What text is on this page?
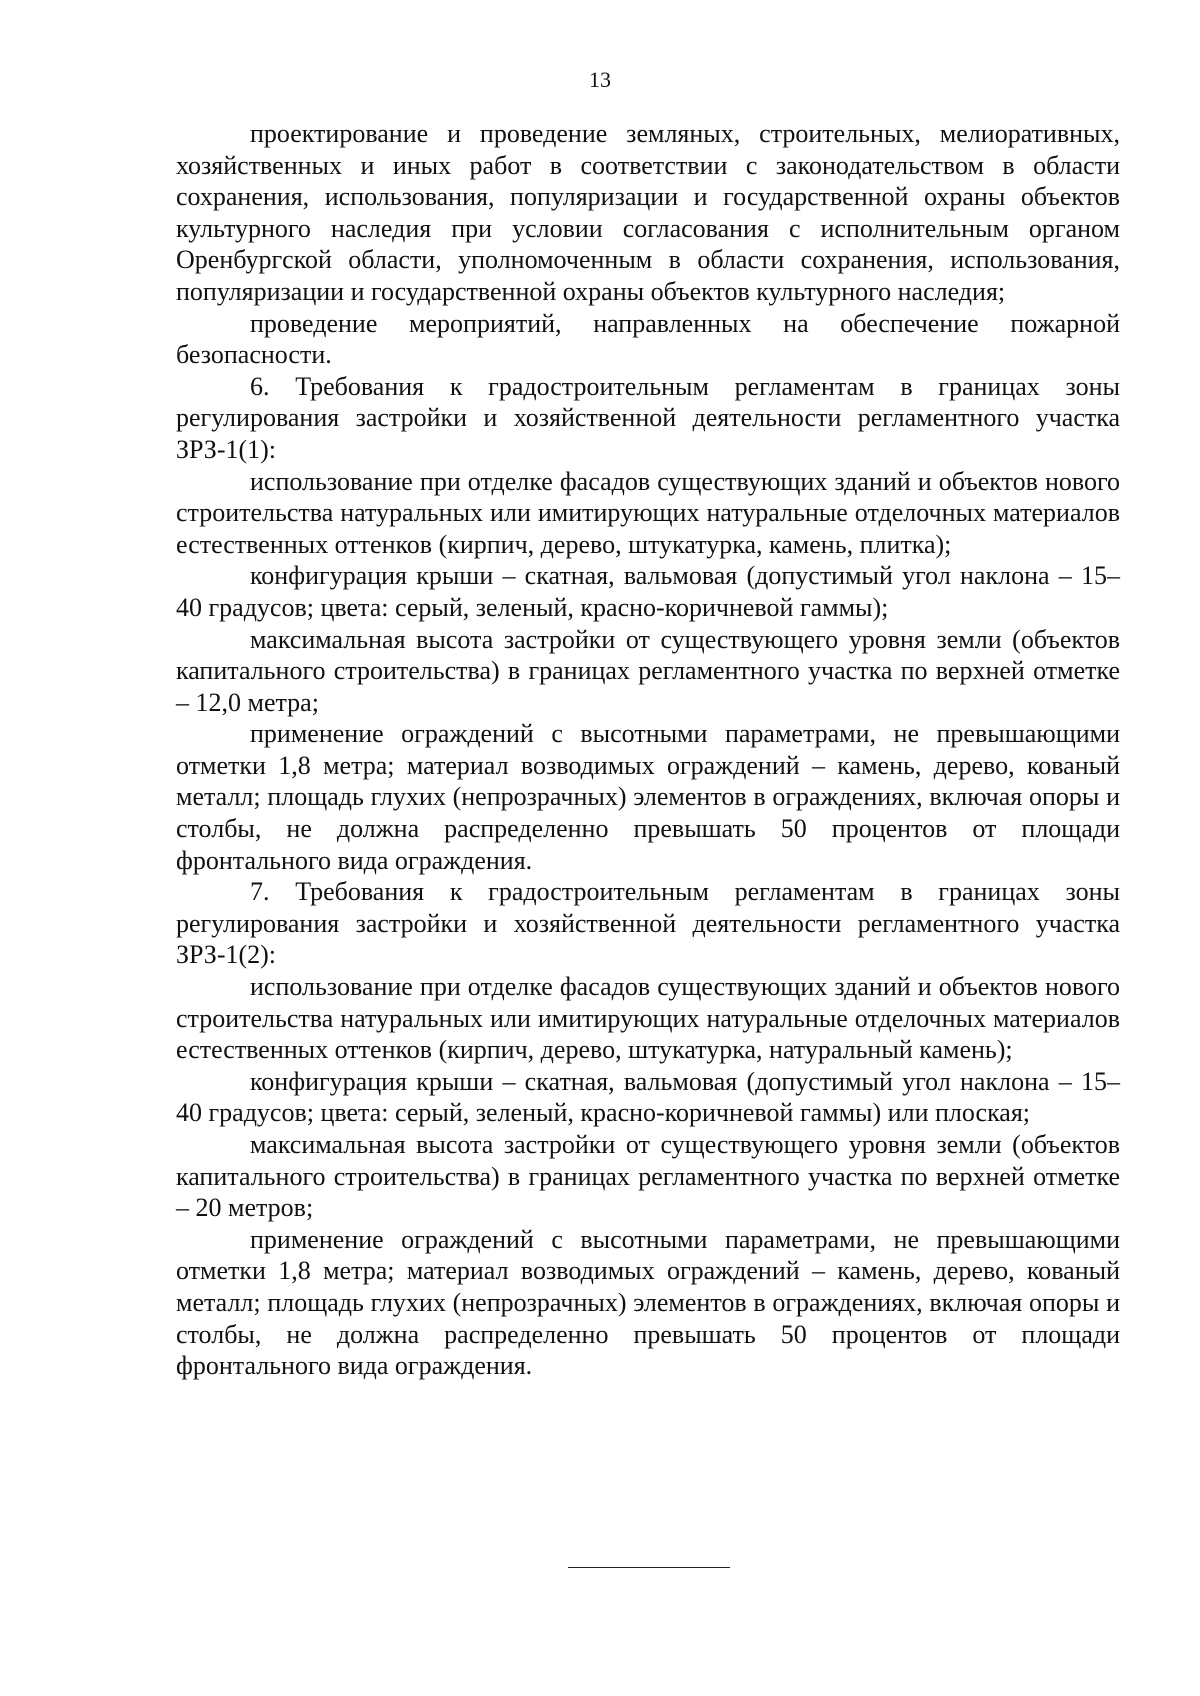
13

проектирование и проведение земляных, строительных, мелиоративных, хозяйственных и иных работ в соответствии с законодательством в области сохранения, использования, популяризации и государственной охраны объектов культурного наследия при условии согласования с исполнительным органом Оренбургской области, уполномоченным в области сохранения, использования, популяризации и государственной охраны объектов культурного наследия;

проведение мероприятий, направленных на обеспечение пожарной безопасности.

6. Требования к градостроительным регламентам в границах зоны регулирования застройки и хозяйственной деятельности регламентного участка ЗРЗ-1(1):

использование при отделке фасадов существующих зданий и объектов нового строительства натуральных или имитирующих натуральные отделочных материалов естественных оттенков (кирпич, дерево, штукатурка, камень, плитка);

конфигурация крыши – скатная, вальмовая (допустимый угол наклона – 15–40 градусов; цвета: серый, зеленый, красно-коричневой гаммы);

максимальная высота застройки от существующего уровня земли (объектов капитального строительства) в границах регламентного участка по верхней отметке – 12,0 метра;

применение ограждений с высотными параметрами, не превышающими отметки 1,8 метра; материал возводимых ограждений – камень, дерево, кованый металл; площадь глухих (непрозрачных) элементов в ограждениях, включая опоры и столбы, не должна распределенно превышать 50 процентов от площади фронтального вида ограждения.

7. Требования к градостроительным регламентам в границах зоны регулирования застройки и хозяйственной деятельности регламентного участка ЗРЗ-1(2):

использование при отделке фасадов существующих зданий и объектов нового строительства натуральных или имитирующих натуральные отделочных материалов естественных оттенков (кирпич, дерево, штукатурка, натуральный камень);

конфигурация крыши – скатная, вальмовая (допустимый угол наклона – 15–40 градусов; цвета: серый, зеленый, красно-коричневой гаммы) или плоская;

максимальная высота застройки от существующего уровня земли (объектов капитального строительства) в границах регламентного участка по верхней отметке – 20 метров;

применение ограждений с высотными параметрами, не превышающими отметки 1,8 метра; материал возводимых ограждений – камень, дерево, кованый металл; площадь глухих (непрозрачных) элементов в ограждениях, включая опоры и столбы, не должна распределенно превышать 50 процентов от площади фронтального вида ограждения.
